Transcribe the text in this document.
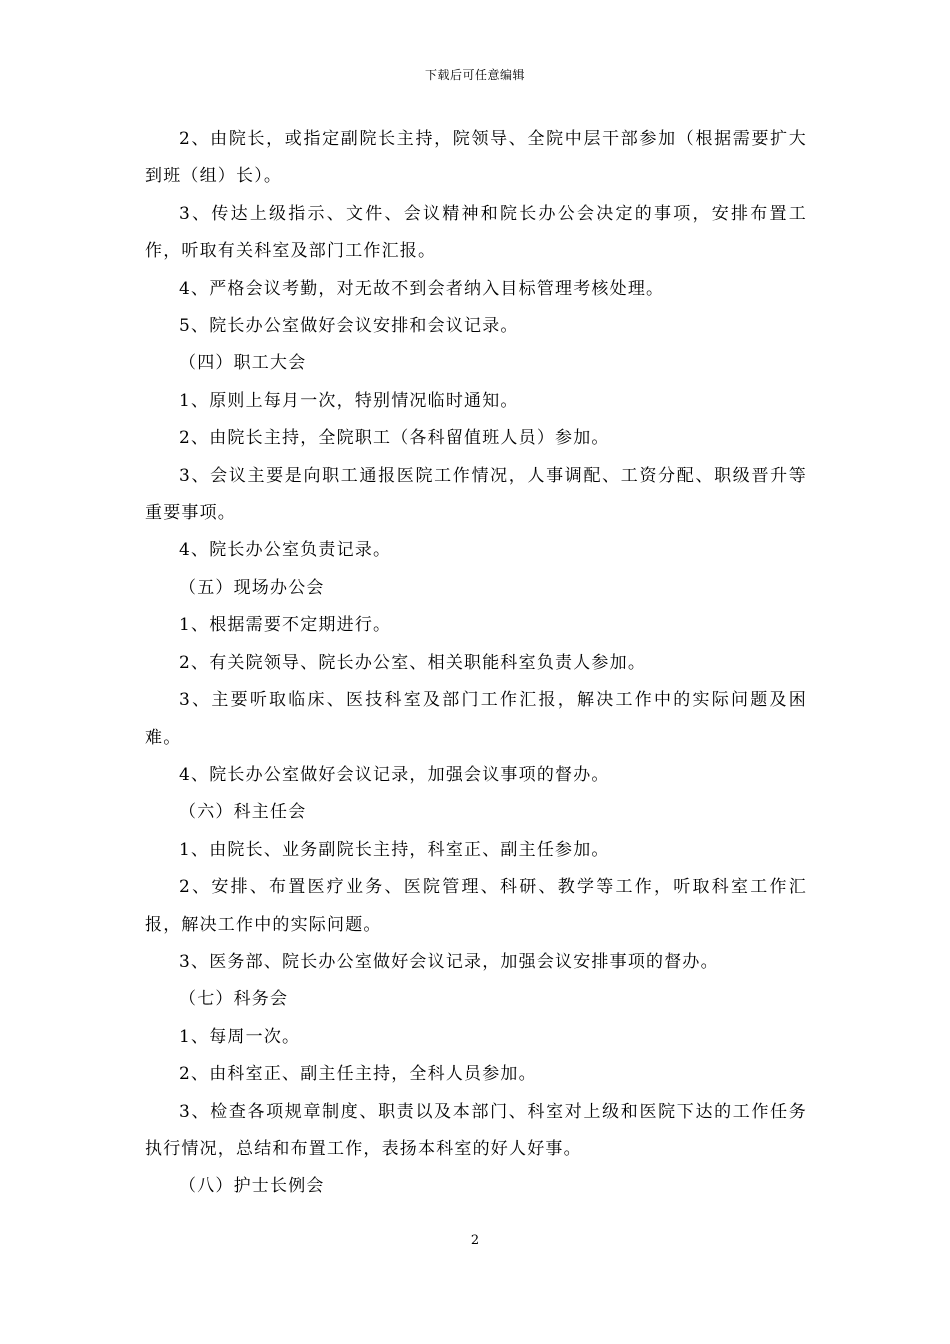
下载后可任意编辑

2、由院长，或指定副院长主持，院领导、全院中层干部参加（根据需要扩大到班（组）长）。

3、传达上级指示、文件、会议精神和院长办公会决定的事项，安排布置工作，听取有关科室及部门工作汇报。

4、严格会议考勤，对无故不到会者纳入目标管理考核处理。

5、院长办公室做好会议安排和会议记录。

（四）职工大会

1、原则上每月一次，特别情况临时通知。

2、由院长主持，全院职工（各科留值班人员）参加。

3、会议主要是向职工通报医院工作情况，人事调配、工资分配、职级晋升等重要事项。

4、院长办公室负责记录。

（五）现场办公会

1、根据需要不定期进行。

2、有关院领导、院长办公室、相关职能科室负责人参加。

3、主要听取临床、医技科室及部门工作汇报，解决工作中的实际问题及困难。

4、院长办公室做好会议记录，加强会议事项的督办。

（六）科主任会

1、由院长、业务副院长主持，科室正、副主任参加。

2、安排、布置医疗业务、医院管理、科研、教学等工作，听取科室工作汇报，解决工作中的实际问题。

3、医务部、院长办公室做好会议记录，加强会议安排事项的督办。

（七）科务会

1、每周一次。

2、由科室正、副主任主持，全科人员参加。

3、检查各项规章制度、职责以及本部门、科室对上级和医院下达的工作任务执行情况，总结和布置工作，表扬本科室的好人好事。

（八）护士长例会

2
